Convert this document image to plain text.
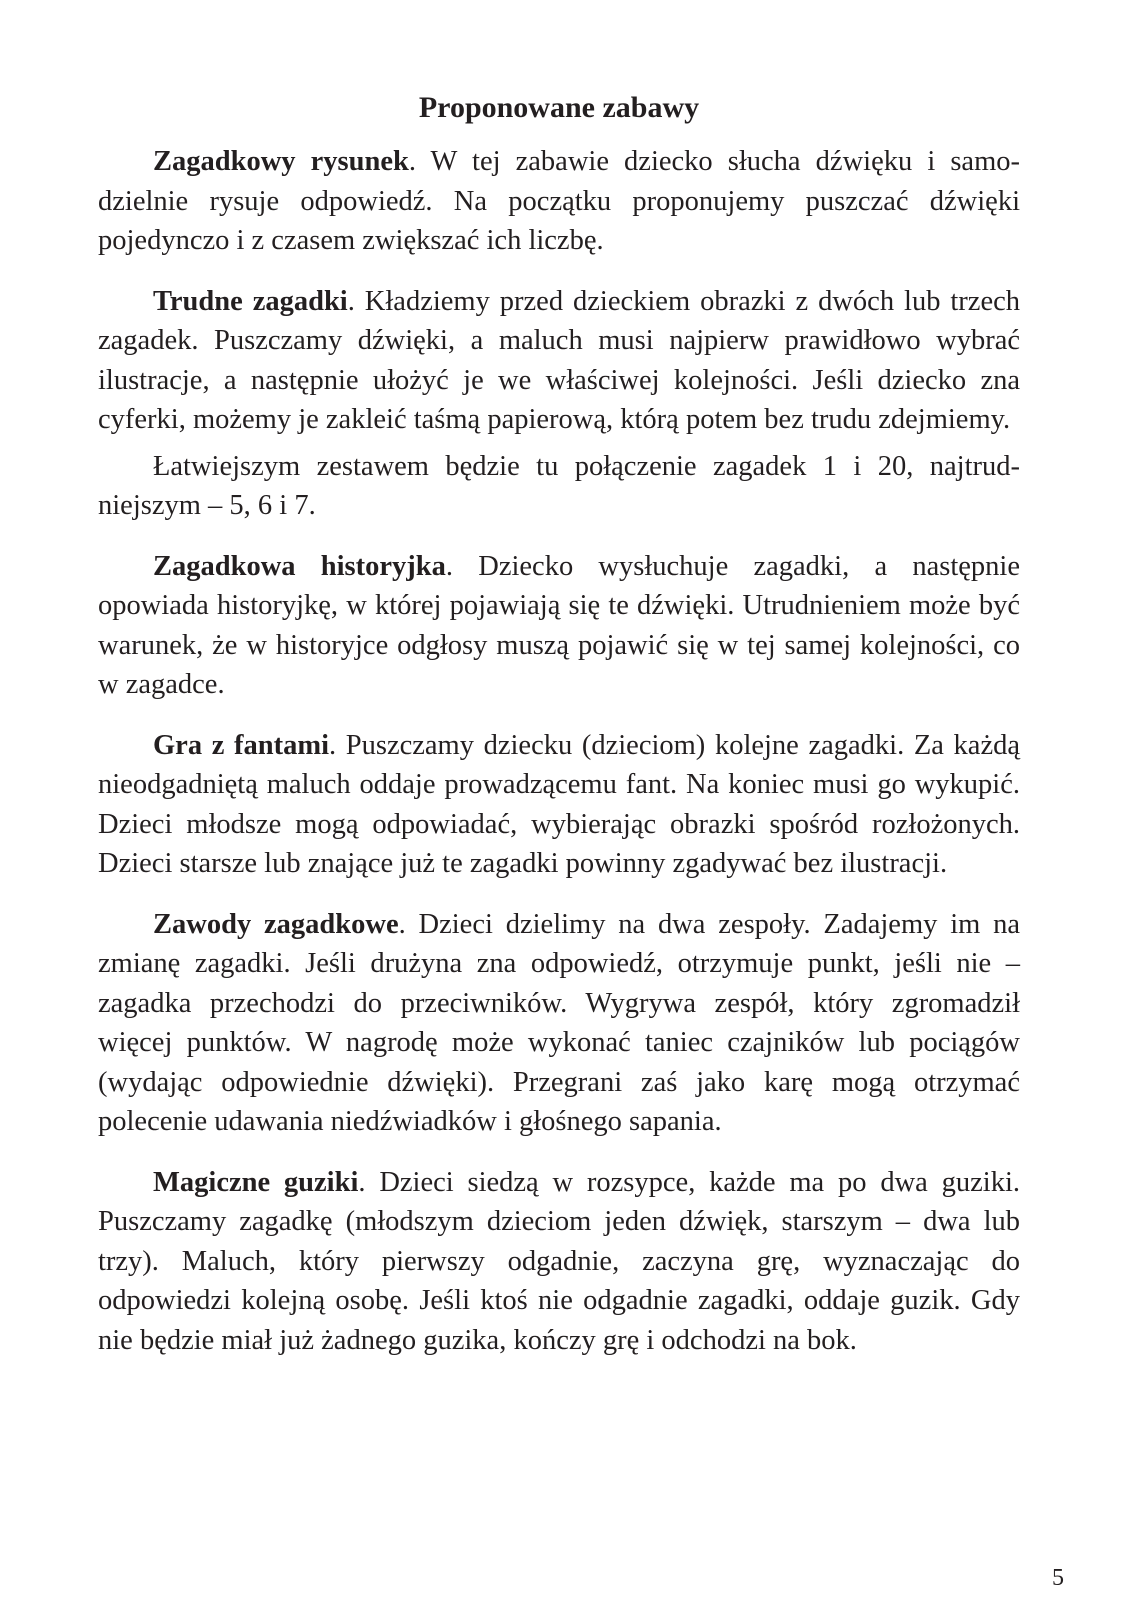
Proponowane zabawy

Zagadkowy rysunek. W tej zabawie dziecko słucha dźwięku i samodzielnie rysuje odpowiedź. Na początku proponujemy puszczać dźwięki pojedynczo i z czasem zwiększać ich liczbę.

Trudne zagadki. Kładziemy przed dzieckiem obrazki z dwóch lub trzech zagadek. Puszczamy dźwięki, a maluch musi najpierw prawidłowo wybrać ilustracje, a następnie ułożyć je we właściwej kolejności. Jeśli dziecko zna cyferki, możemy je zakleić taśmą papierową, którą potem bez trudu zdejmiemy.

Łatwiejszym zestawem będzie tu połączenie zagadek 1 i 20, najtrudniejszym – 5, 6 i 7.

Zagadkowa historyjka. Dziecko wysłuchuje zagadki, a następnie opowiada historyjkę, w której pojawiają się te dźwięki. Utrudnieniem może być warunek, że w historyjce odgłosy muszą pojawić się w tej samej kolejności, co w zagadce.

Gra z fantami. Puszczamy dziecku (dzieciom) kolejne zagadki. Za każdą nieodgadniętą maluch oddaje prowadzącemu fant. Na koniec musi go wykupić. Dzieci młodsze mogą odpowiadać, wybierając obrazki spośród rozłożonych. Dzieci starsze lub znające już te zagadki powinny zgadywać bez ilustracji.

Zawody zagadkowe. Dzieci dzielimy na dwa zespoły. Zadajemy im na zmianę zagadki. Jeśli drużyna zna odpowiedź, otrzymuje punkt, jeśli nie – zagadka przechodzi do przeciwników. Wygrywa zespół, który zgromadził więcej punktów. W nagrodę może wykonać taniec czajników lub pociągów (wydając odpowiednie dźwięki). Przegrani zaś jako karę mogą otrzymać polecenie udawania niedźwiadków i głośnego sapania.

Magiczne guziki. Dzieci siedzą w rozsypce, każde ma po dwa guziki. Puszczamy zagadkę (młodszym dzieciom jeden dźwięk, starszym – dwa lub trzy). Maluch, który pierwszy odgadnie, zaczyna grę, wyznaczając do odpowiedzi kolejną osobę. Jeśli ktoś nie odgadnie zagadki, oddaje guzik. Gdy nie będzie miał już żadnego guzika, kończy grę i odchodzi na bok.

5
